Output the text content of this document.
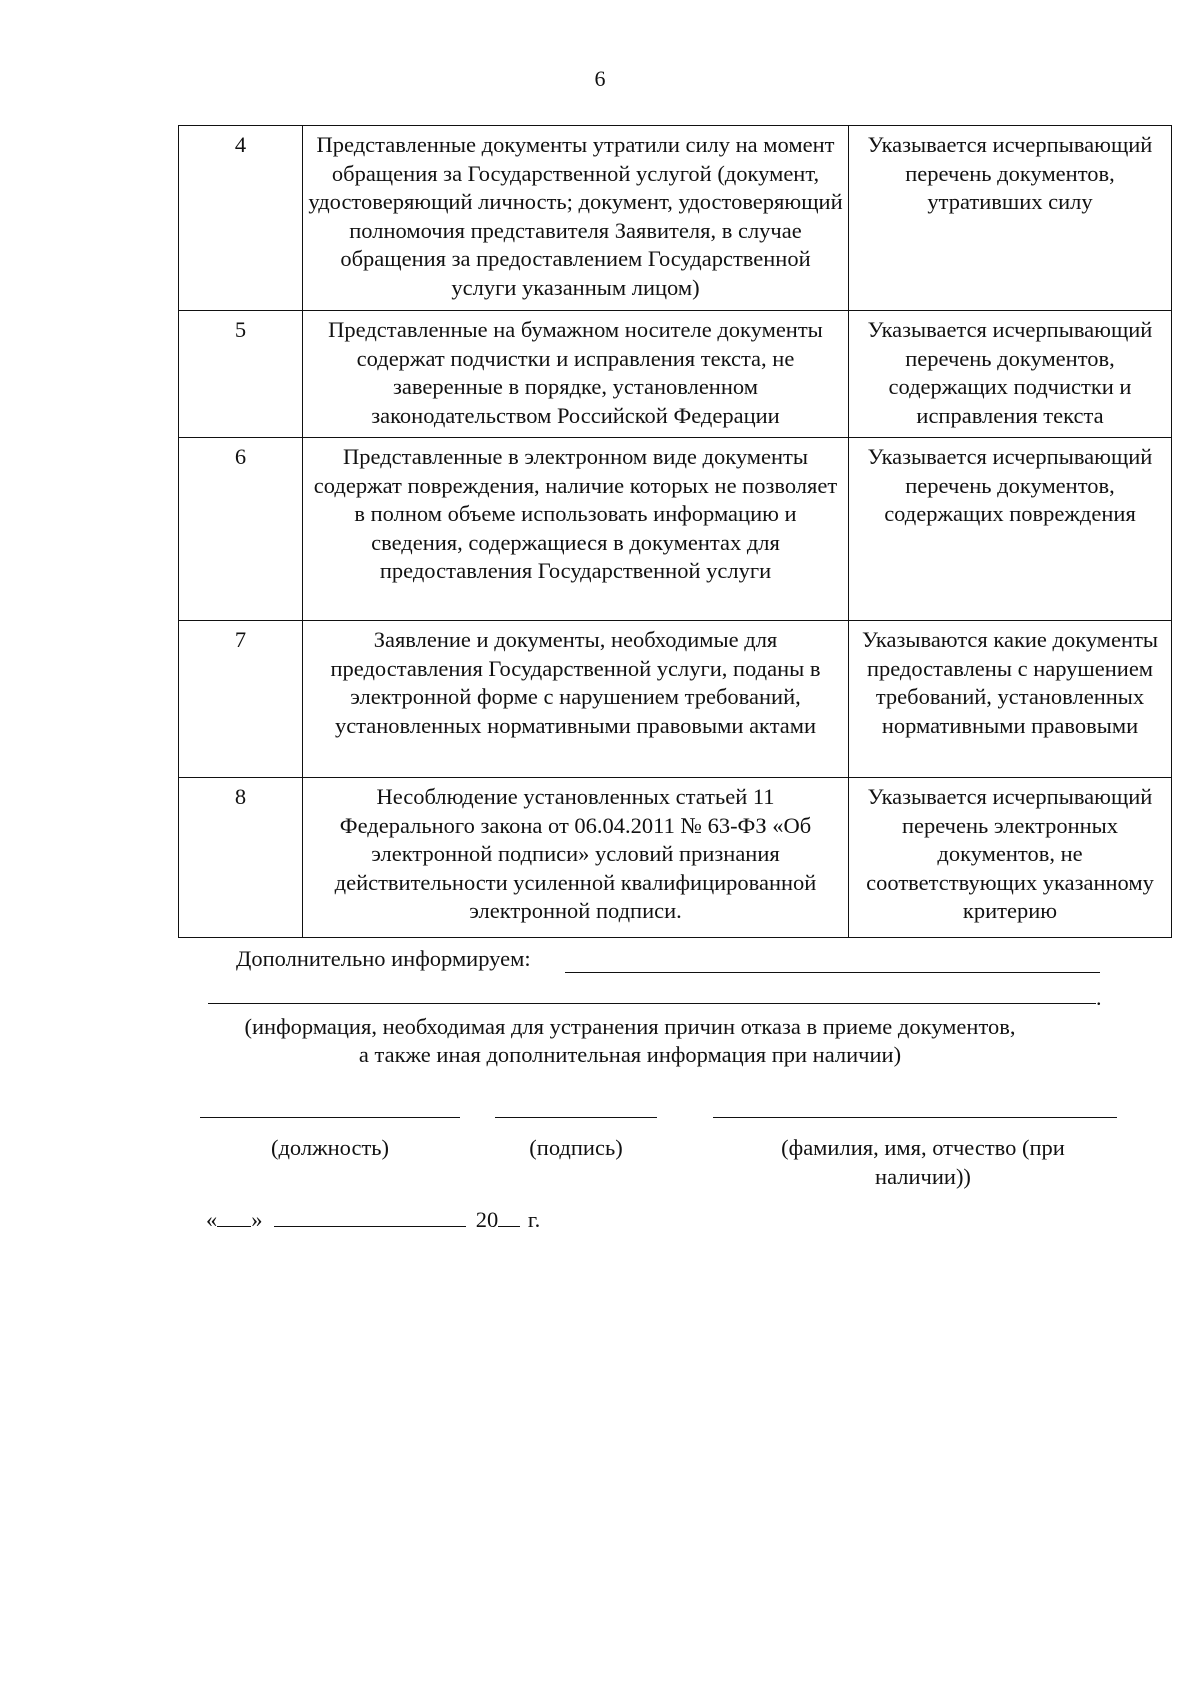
6
4	Представленные документы утратили силу на момент обращения за Государственной услугой (документ, удостоверяющий личность; документ, удостоверяющий полномочия представителя Заявителя, в случае обращения за предоставлением Государственной услуги указанным лицом)	Указывается исчерпывающий перечень документов, утративших силу
5	Представленные на бумажном носителе документы содержат подчистки и исправления текста, не заверенные в порядке, установленном законодательством Российской Федерации	Указывается исчерпывающий перечень документов, содержащих подчистки и исправления текста
6	Представленные в электронном виде документы содержат повреждения, наличие которых не позволяет в полном объеме использовать информацию и сведения, содержащиеся в документах для предоставления Государственной услуги	Указывается исчерпывающий перечень документов, содержащих повреждения
7	Заявление и документы, необходимые для предоставления Государственной услуги, поданы в электронной форме с нарушением требований, установленных нормативными правовыми актами	Указываются какие документы предоставлены с нарушением требований, установленных нормативными правовыми
8	Несоблюдение установленных статьей 11 Федерального закона от 06.04.2011 № 63-ФЗ «Об электронной подписи» условий признания действительности усиленной квалифицированной электронной подписи.	Указывается исчерпывающий перечень электронных документов, не соответствующих указанному критерию
Дополнительно информируем:
.
(информация, необходимая для устранения причин отказа в приеме документов,
а также иная дополнительная информация при наличии)
(должность)	(подпись)	(фамилия, имя, отчество (при наличии))
« »	20 г.
